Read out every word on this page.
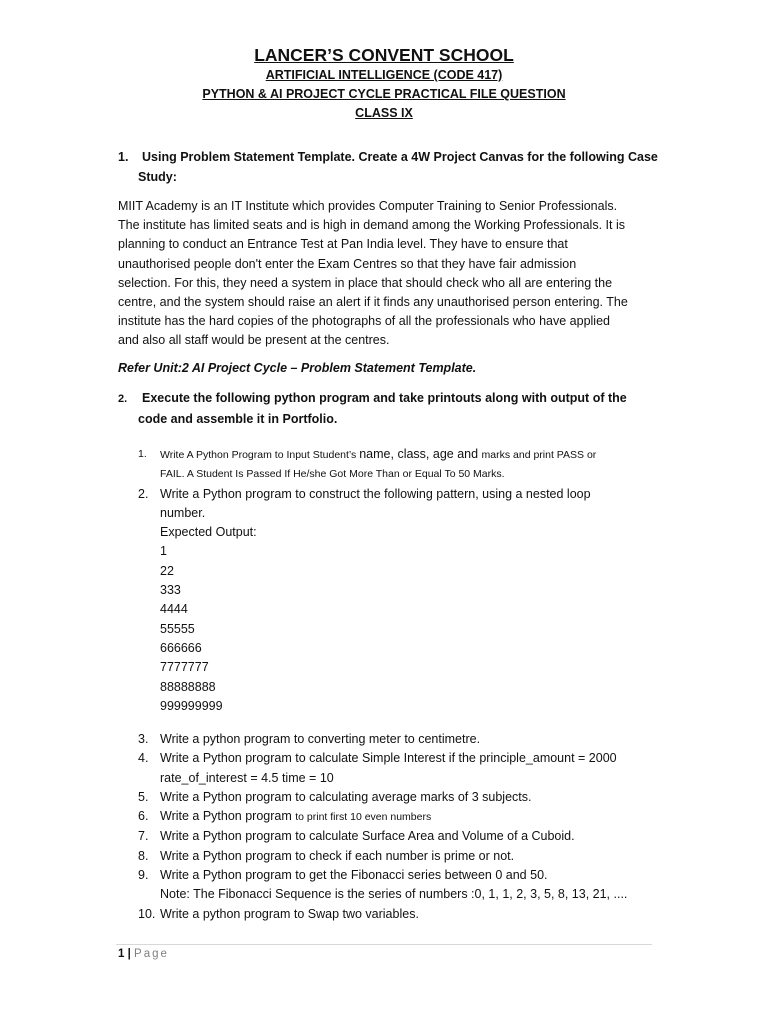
LANCER’S CONVENT SCHOOL
ARTIFICIAL INTELLIGENCE (CODE 417)
PYTHON & AI PROJECT CYCLE PRACTICAL FILE QUESTION
CLASS IX
1. Using Problem Statement Template. Create a 4W Project Canvas for the following Case
Study:
MIIT Academy is an IT Institute which provides Computer Training to Senior Professionals.
The institute has limited seats and is high in demand among the Working Professionals. It is
planning to conduct an Entrance Test at Pan India level. They have to ensure that
unauthorised people don't enter the Exam Centres so that they have fair admission
selection. For this, they need a system in place that should check who all are entering the
centre, and the system should raise an alert if it finds any unauthorised person entering. The
institute has the hard copies of the photographs of all the professionals who have applied
and also all staff would be present at the centres.
Refer Unit:2 AI Project Cycle – Problem Statement Template.
2. Execute the following python program and take printouts along with output of the
code and assemble it in Portfolio.
1. Write A Python Program to Input Student’s name, class, age and marks and print PASS or
FAIL. A Student Is Passed If He/she Got More Than or Equal To 50 Marks.
2. Write a Python program to construct the following pattern, using a nested loop
number.
Expected Output:
1
22
333
4444
55555
666666
7777777
88888888
999999999
3. Write a python program to converting meter to centimetre.
4. Write a Python program to calculate Simple Interest if the principle_amount = 2000
rate_of_interest = 4.5 time = 10
5. Write a Python program to calculating average marks of 3 subjects.
6. Write a Python program to print first 10 even numbers
7. Write a Python program to calculate Surface Area and Volume of a Cuboid.
8. Write a Python program to check if each number is prime or not.
9. Write a Python program to get the Fibonacci series between 0 and 50.
Note: The Fibonacci Sequence is the series of numbers :0, 1, 1, 2, 3, 5, 8, 13, 21, ....
10. Write a python program to Swap two variables.
1 | Page
